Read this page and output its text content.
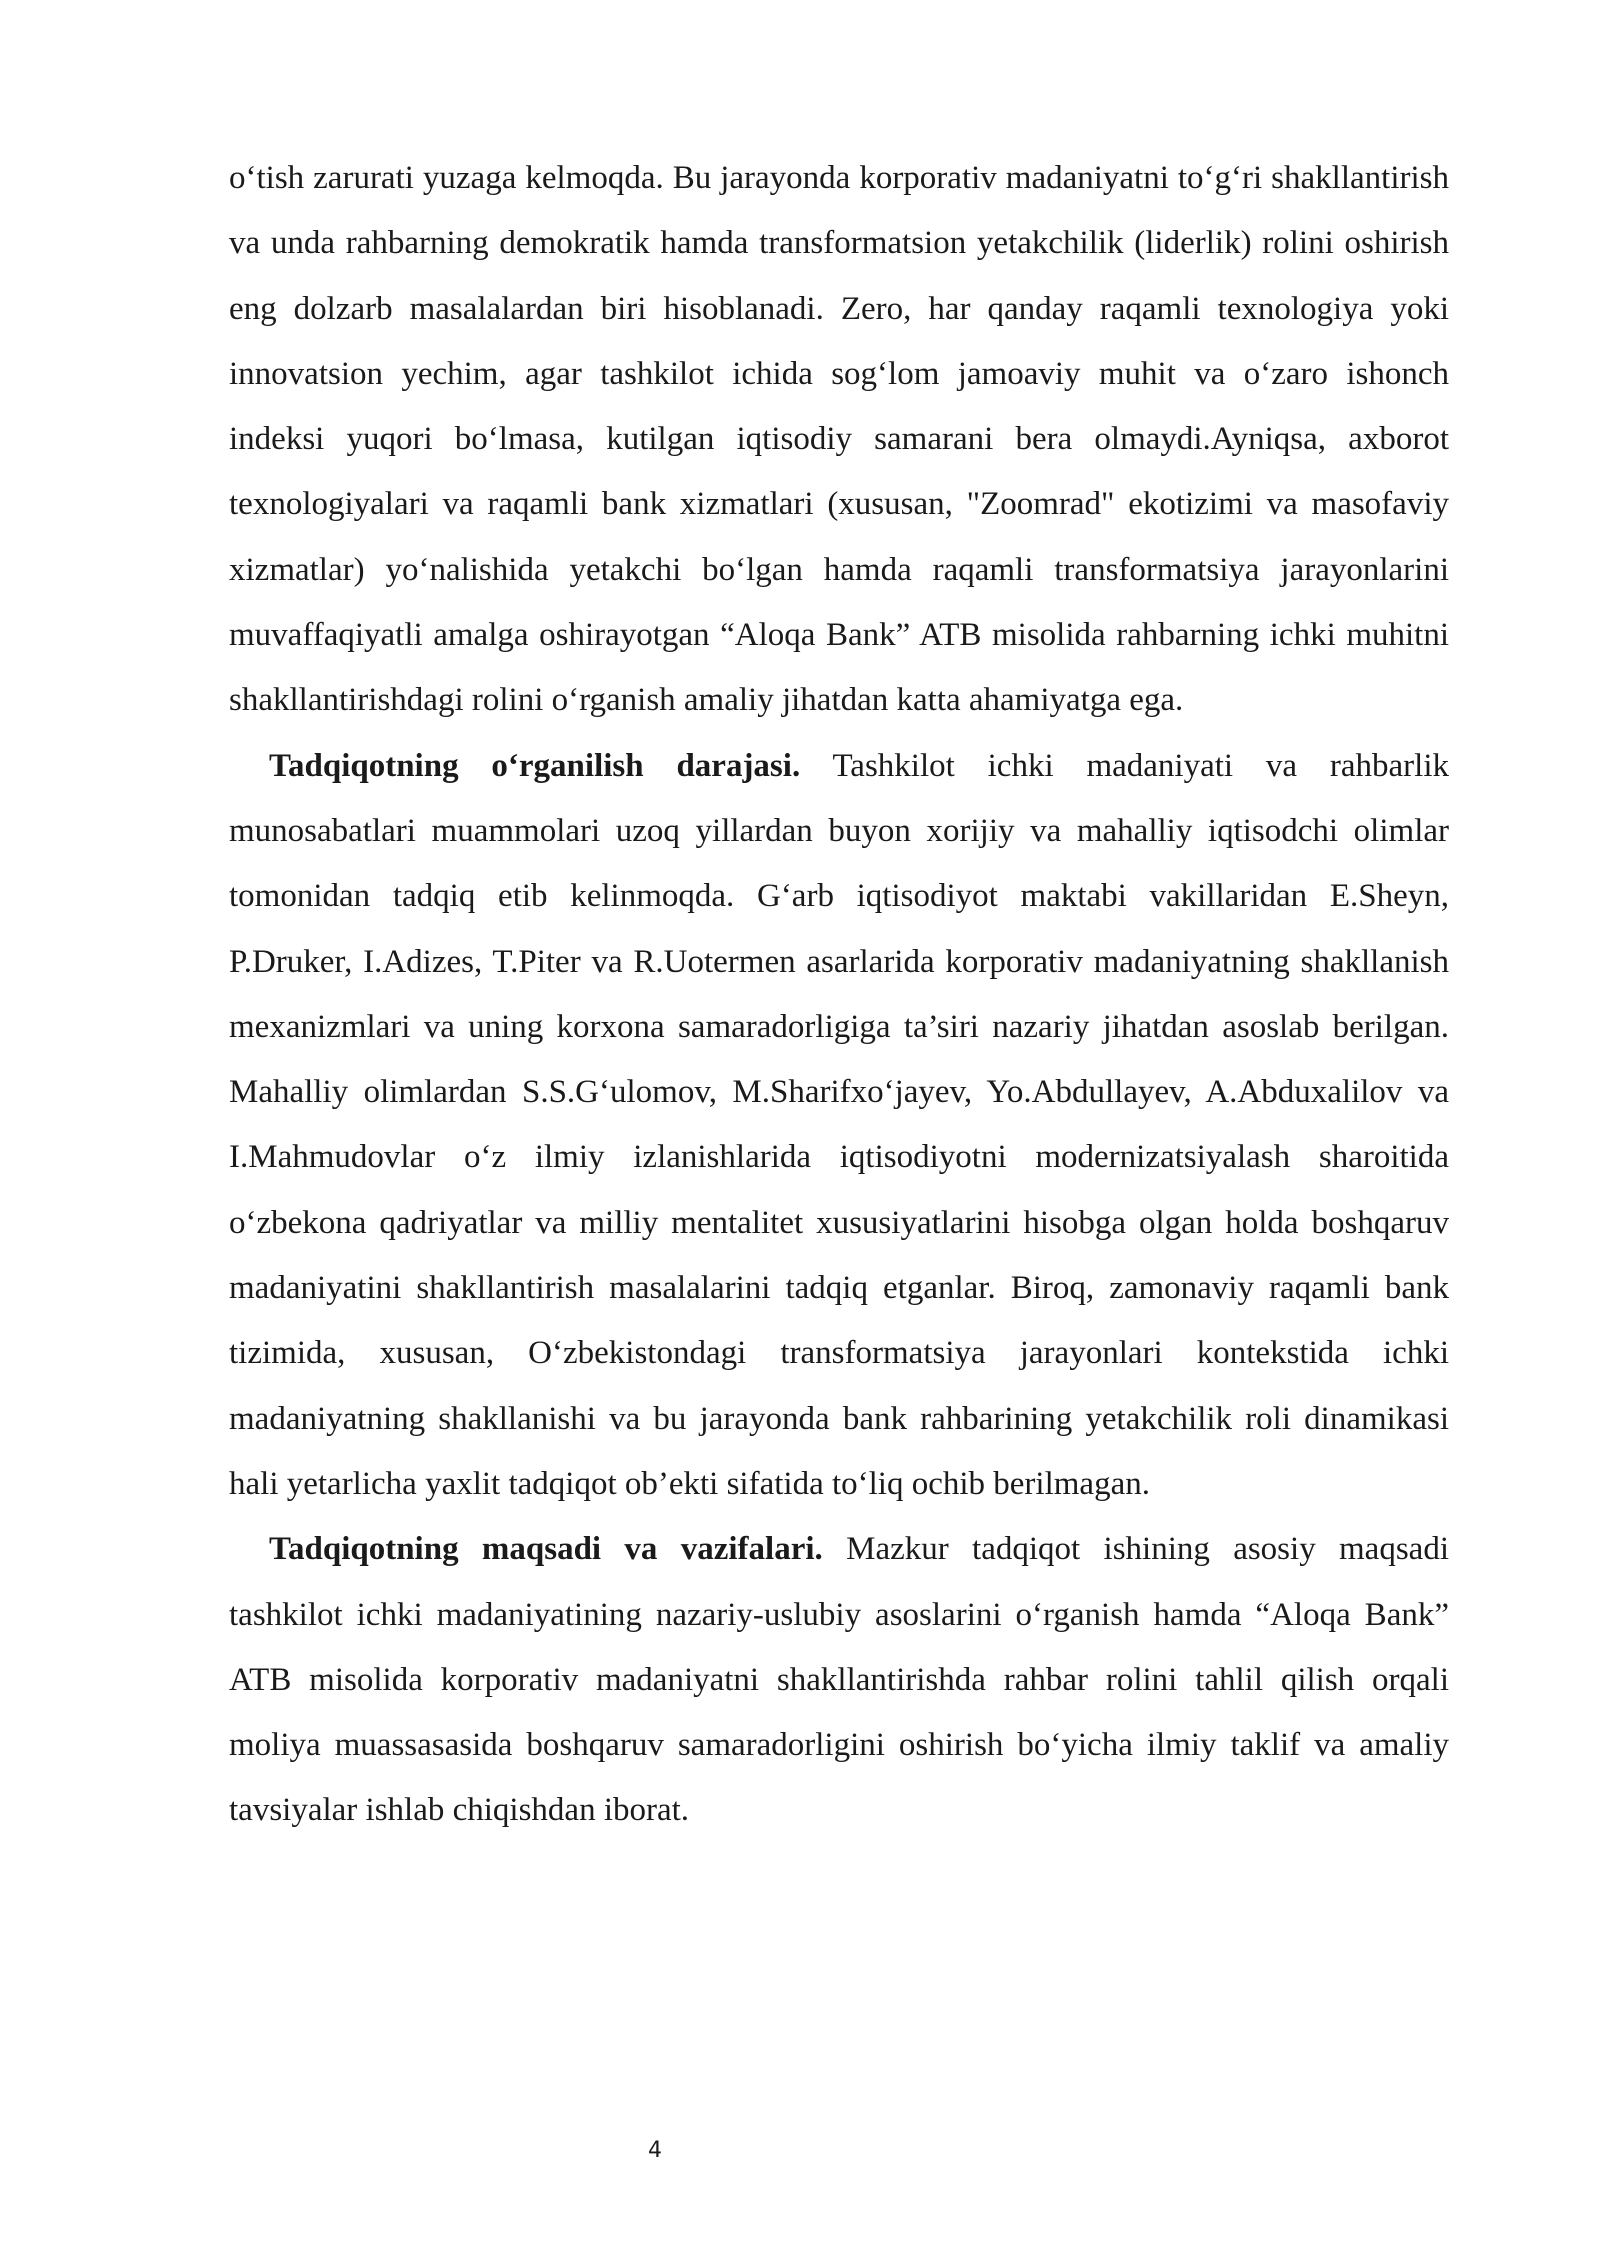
o‘tish zarurati yuzaga kelmoqda. Bu jarayonda korporativ madaniyatni to‘g‘ri shakllantirish va unda rahbarning demokratik hamda transformatsion yetakchilik (liderlik) rolini oshirish eng dolzarb masalalardan biri hisoblanadi. Zero, har qanday raqamli texnologiya yoki innovatsion yechim, agar tashkilot ichida sog‘lom jamoaviy muhit va o‘zaro ishonch indeksi yuqori bo‘lmasa, kutilgan iqtisodiy samarani bera olmaydi.Ayniqsa, axborot texnologiyalari va raqamli bank xizmatlari (xususan, "Zoomrad" ekotizimi va masofaviy xizmatlar) yo‘nalishida yetakchi bo‘lgan hamda raqamli transformatsiya jarayonlarini muvaffaqiyatli amalga oshirayotgan “Aloqa Bank” ATB misolida rahbarning ichki muhitni shakllantirishdagi rolini o‘rganish amaliy jihatdan katta ahamiyatga ega.

Tadqiqotning o‘rganilish darajasi. Tashkilot ichki madaniyati va rahbarlik munosabatlari muammolari uzoq yillardan buyon xorijiy va mahalliy iqtisodchi olimlar tomonidan tadqiq etib kelinmoqda. G‘arb iqtisodiyot maktabi vakillaridan E.Sheyn, P.Druker, I.Adizes, T.Piter va R.Uotermen asarlarida korporativ madaniyatning shakllanish mexanizmlari va uning korxona samaradorligiga ta’siri nazariy jihatdan asoslab berilgan. Mahalliy olimlardan S.S.G‘ulomov, M.Sharifxo‘jayev, Yo.Abdullayev, A.Abduxalilov va I.Mahmudovlar o‘z ilmiy izlanishlarida iqtisodiyotni modernizatsiyalash sharoitida o‘zbekona qadriyatlar va milliy mentalitet xususiyatlarini hisobga olgan holda boshqaruv madaniyatini shakllantirish masalalarini tadqiq etganlar. Biroq, zamonaviy raqamli bank tizimida, xususan, O‘zbekistondagi transformatsiya jarayonlari kontekstida ichki madaniyatning shakllanishi va bu jarayonda bank rahbarining yetakchilik roli dinamikasi hali yetarlicha yaxlit tadqiqot ob’ekti sifatida to‘liq ochib berilmagan.

Tadqiqotning maqsadi va vazifalari. Mazkur tadqiqot ishining asosiy maqsadi tashkilot ichki madaniyatining nazariy-uslubiy asoslarini o‘rganish hamda “Aloqa Bank” ATB misolida korporativ madaniyatni shakllantirishda rahbar rolini tahlil qilish orqali moliya muassasasida boshqaruv samaradorligini oshirish bo‘yicha ilmiy taklif va amaliy tavsiyalar ishlab chiqishdan iborat.

4
